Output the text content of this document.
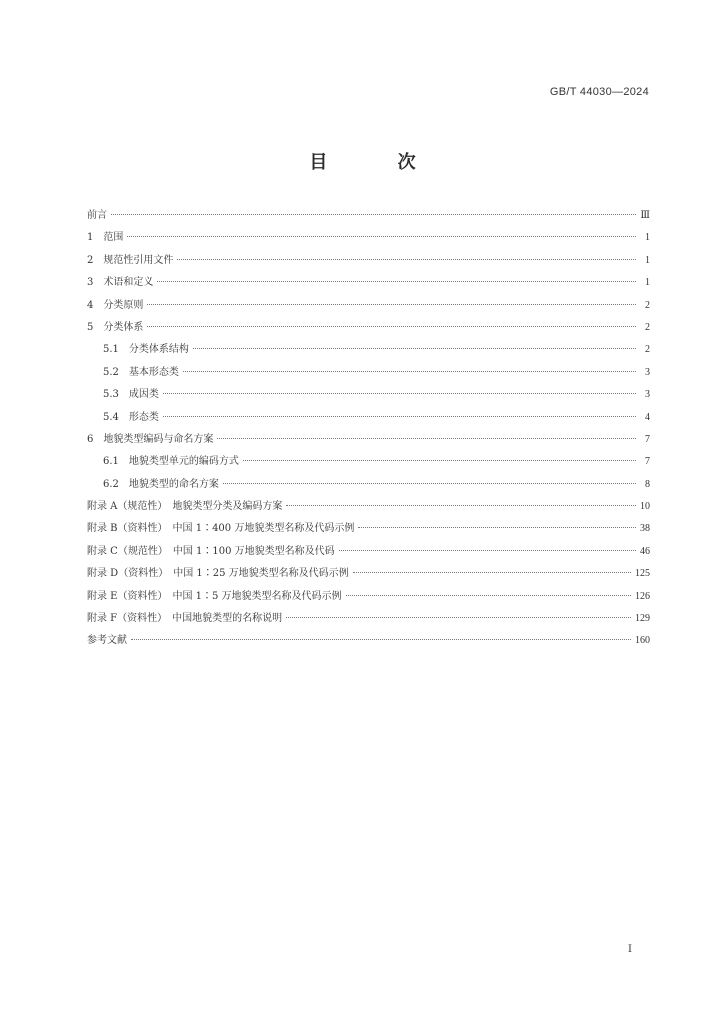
GB/T 44030—2024
目 次
前言	Ⅲ
1 范围	1
2 规范性引用文件	1
3 术语和定义	1
4 分类原则	2
5 分类体系	2
5.1 分类体系结构	2
5.2 基本形态类	3
5.3 成因类	3
5.4 形态类	4
6 地貌类型编码与命名方案	7
6.1 地貌类型单元的编码方式	7
6.2 地貌类型的命名方案	8
附录 A（规范性）　地貌类型分类及编码方案	10
附录 B（资料性）　中国 1∶400 万地貌类型名称及代码示例	38
附录 C（规范性）　中国 1∶100 万地貌类型名称及代码	46
附录 D（资料性）　中国 1∶25 万地貌类型名称及代码示例	125
附录 E（资料性）　中国 1∶5 万地貌类型名称及代码示例	126
附录 F（资料性）　中国地貌类型的名称说明	129
参考文献	160
I
